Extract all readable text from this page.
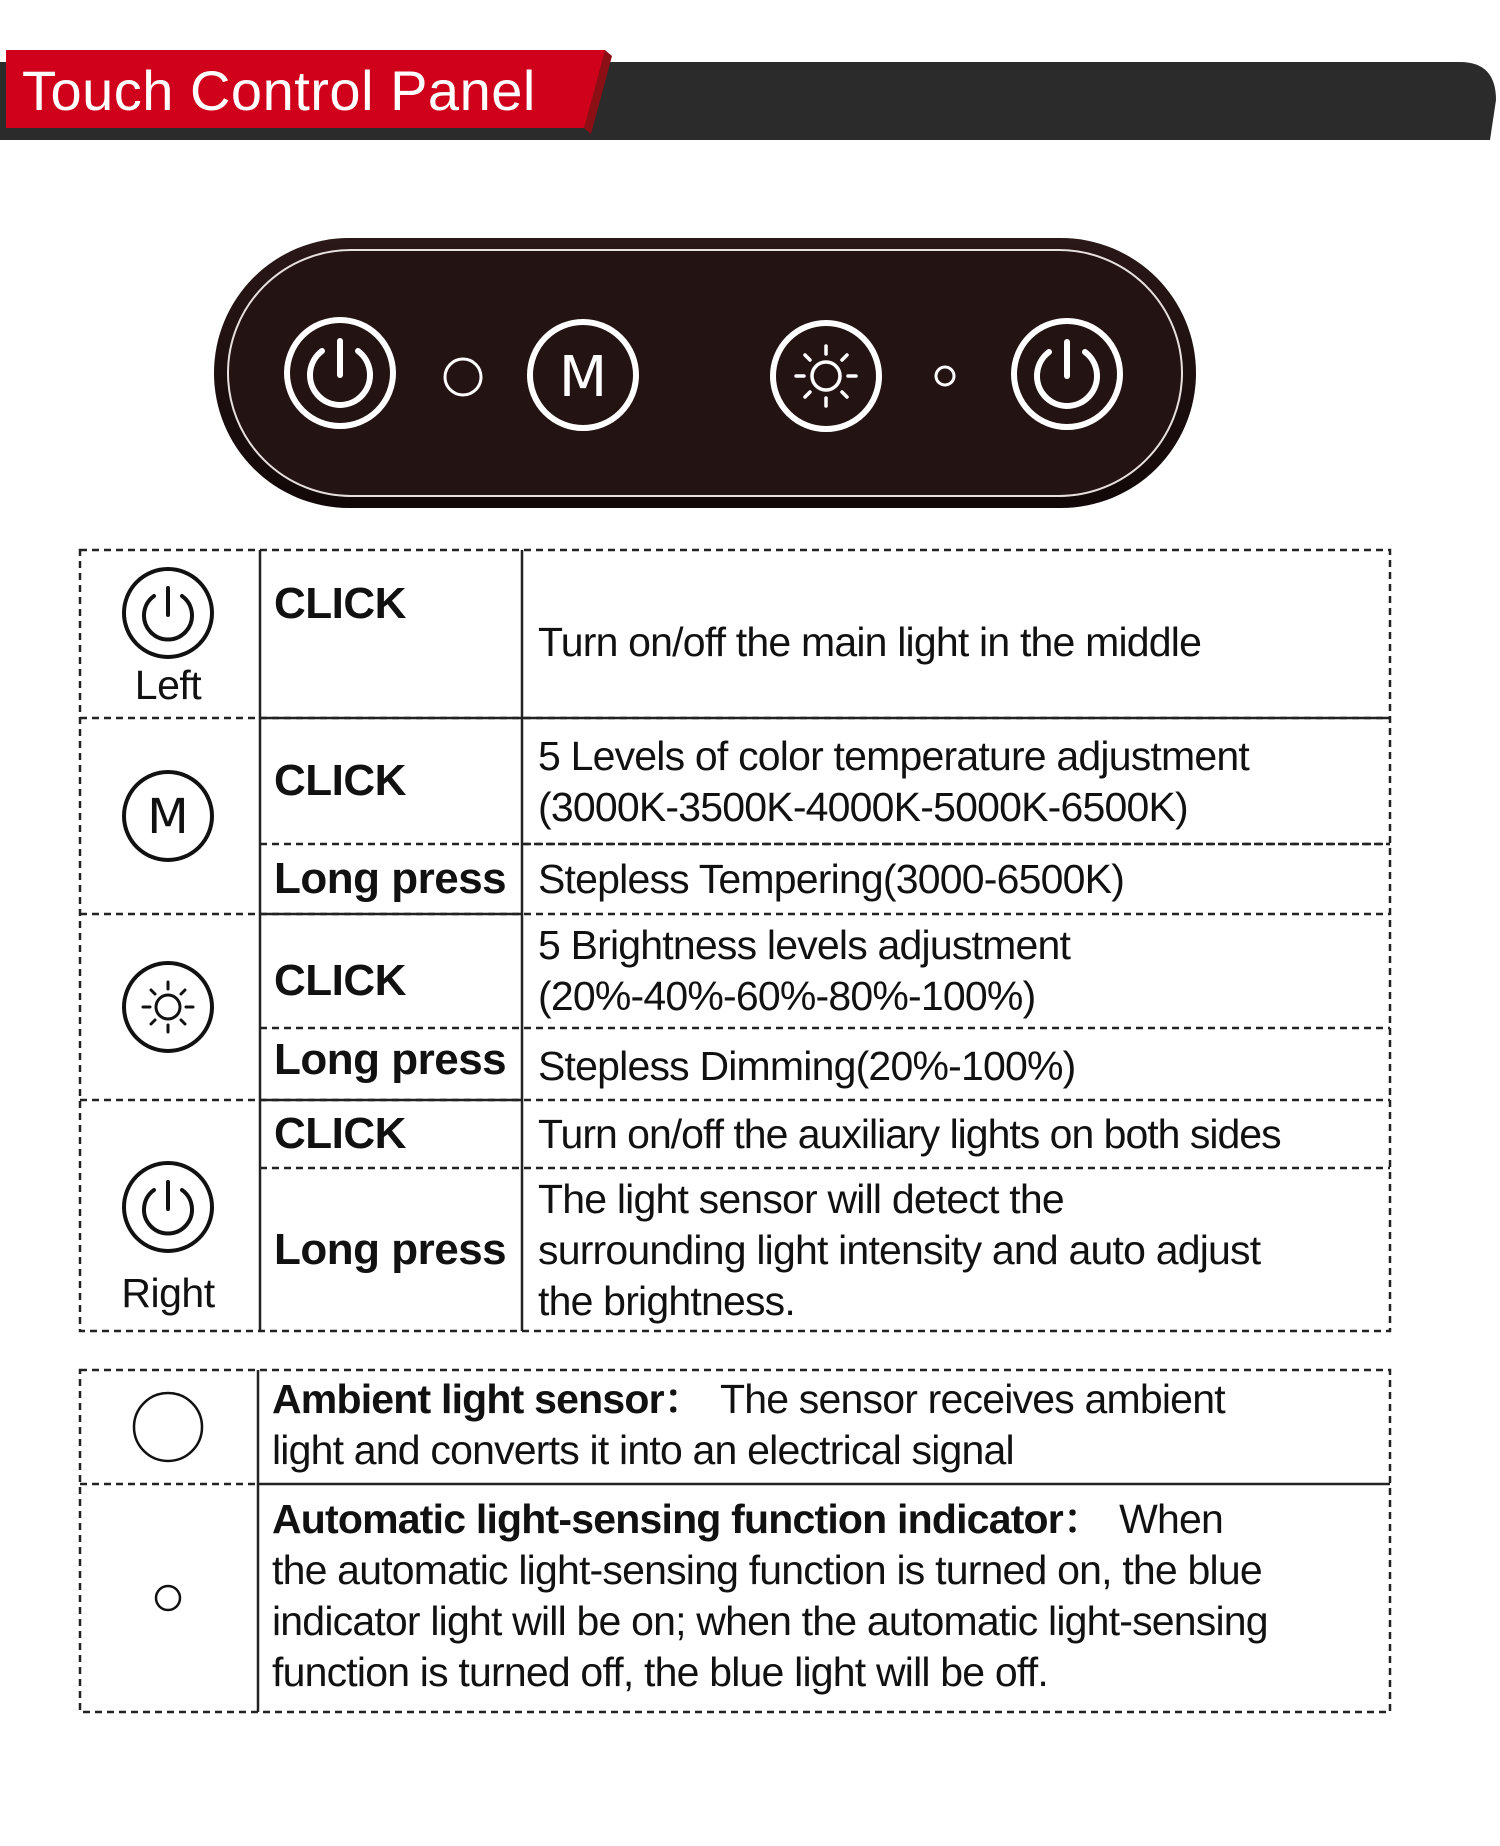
Touch Control Panel
M
Left
CLICK
Turn on/off the main light in the middle
M
CLICK	5 Levels of color temperature adjustment
(3000K-3500K-4000K-5000K-6500K)
Long press Stepless Tempering(3000-6500K)
CLICK
5 Brightness levels adjustment
(20%-40%-60%-80%-100%)
Long press Stepless Dimming(20%-100%)
Right
CLICK	Turn on/off the auxiliary lights on both sides
Long press
The light sensor will detect the
surrounding light intensity and auto adjust
the brightness.
Ambient light sensor： The sensor receives ambient
light and converts it into an electrical signal
Automatic light-sensing function indicator： When
the automatic light-sensing function is turned on, the blue
indicator light will be on; when the automatic light-sensing
function is turned off, the blue light will be off.
